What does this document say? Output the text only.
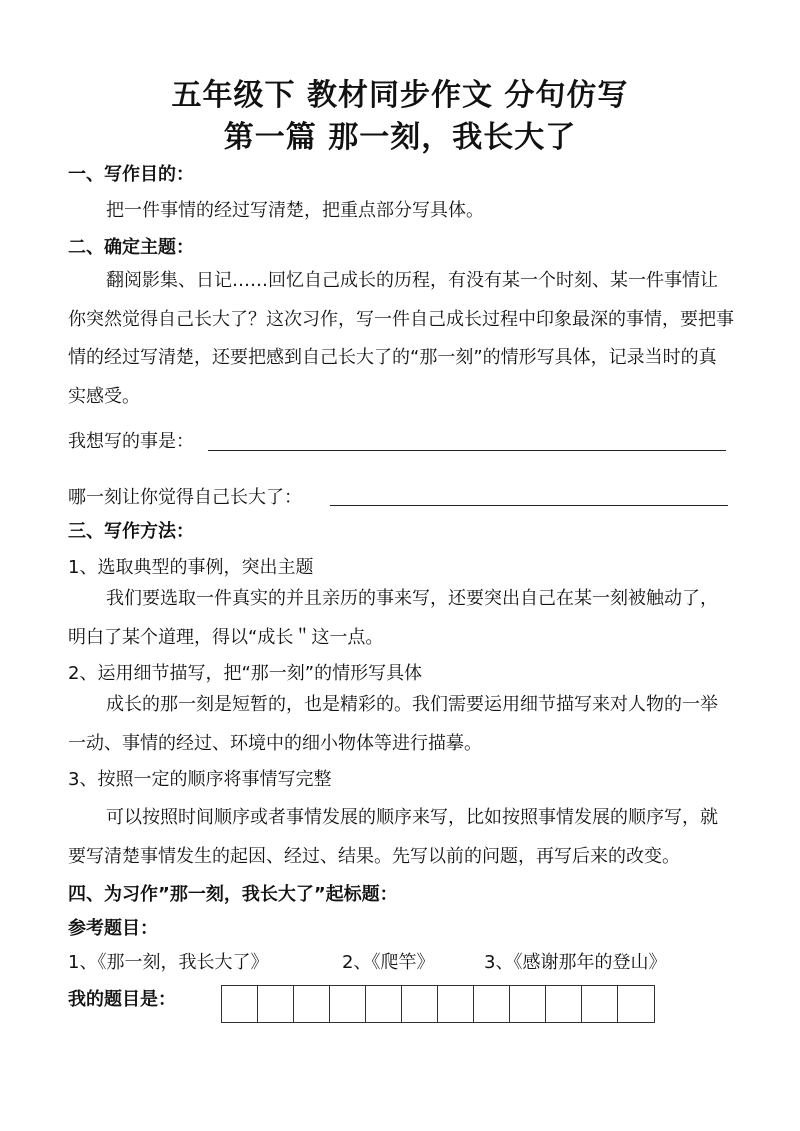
五年级下 教材同步作文 分句仿写
第一篇 那一刻，我长大了
一、写作目的：
把一件事情的经过写清楚，把重点部分写具体。
二、确定主题：
翻阅影集、日记……回忆自己成长的历程，有没有某一个时刻、某一件事情让你突然觉得自己长大了？这次习作，写一件自己成长过程中印象最深的事情，要把事情的经过写清楚，还要把感到自己长大了的“那一刻”的情形写具体，记录当时的真实感受。
我想写的事是：
哪一刻让你觉得自己长大了：
三、写作方法：
1、选取典型的事例，突出主题
我们要选取一件真实的并且亲历的事来写，还要突出自己在某一刻被触动了，明白了某个道理，得以“成长＂这一点。
2、运用细节描写，把“那一刻”的情形写具体
成长的那一刻是短暂的，也是精彩的。我们需要运用细节描写来对人物的一举一动、事情的经过、环境中的细小物体等进行描摹。
3、按照一定的顺序将事情写完整
可以按照时间顺序或者事情发展的顺序来写，比如按照事情发展的顺序写，就要写清楚事情发生的起因、经过、结果。先写以前的问题，再写后来的改变。
四、为习作”那一刻，我长大了”起标题：
参考题目：
1、《那一刻，我长大了》	2、《爬竿》	3、《感谢那年的登山》
我的题目是：
